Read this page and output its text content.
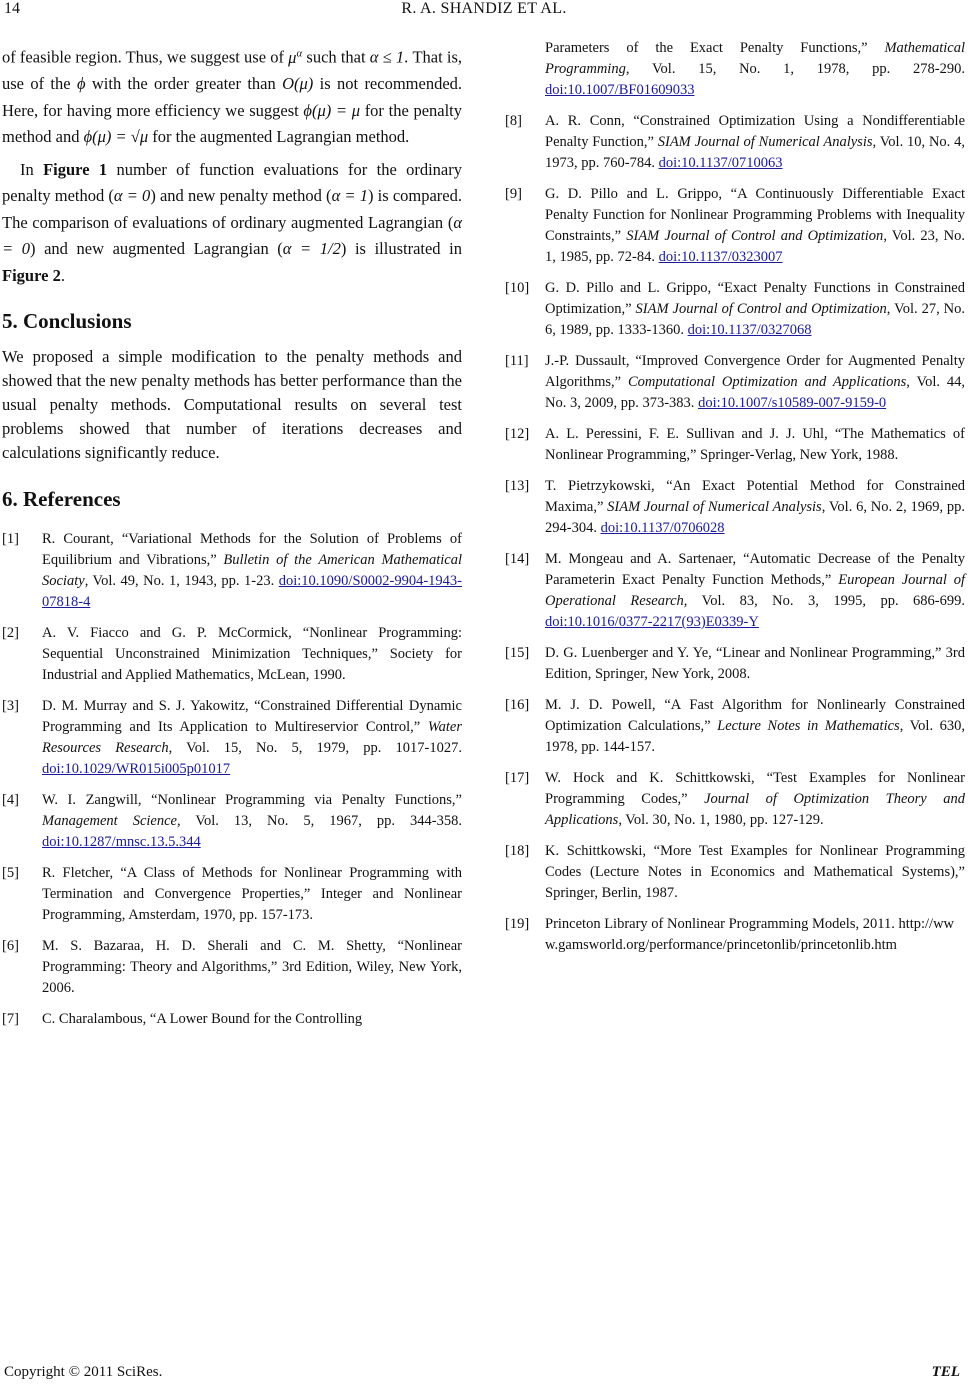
14	R. A. SHANDIZ ET AL.

of feasible region. Thus, we suggest use of $\mu^\alpha$ such that α ≤ 1. That is, use of the ϕ with the order greater than O(μ) is not recommended. Here, for having more efficiency we suggest ϕ(μ) = μ for the penalty method and ϕ(μ) = √μ for the augmented Lagrangian method.

In Figure 1 number of function evaluations for the ordinary penalty method (α = 0) and new penalty method (α = 1) is compared. The comparison of evaluations of ordinary augmented Lagrangian (α = 0) and new augmented Lagrangian (α = 1/2) is illustrated in Figure 2.

5. Conclusions

We proposed a simple modification to the penalty methods and showed that the new penalty methods has better performance than the usual penalty methods. Computational results on several test problems showed that number of iterations decreases and calculations significantly reduce.

6. References
[1] R. Courant, “Variational Methods for the Solution of Problems of Equilibrium and Vibrations,” Bulletin of the American Mathematical Sociaty, Vol. 49, No. 1, 1943, pp. 1-23. doi:10.1090/S0002-9904-1943-07818-4
[2] A. V. Fiacco and G. P. McCormick, “Nonlinear Programming: Sequential Unconstrained Minimization Techniques,” Society for Industrial and Applied Mathematics, McLean, 1990.
[3] D. M. Murray and S. J. Yakowitz, “Constrained Differential Dynamic Programming and Its Application to Multireservior Control,” Water Resources Research, Vol. 15, No. 5, 1979, pp. 1017-1027. doi:10.1029/WR015i005p01017
[4] W. I. Zangwill, “Nonlinear Programming via Penalty Functions,” Management Science, Vol. 13, No. 5, 1967, pp. 344-358. doi:10.1287/mnsc.13.5.344
[5] R. Fletcher, “A Class of Methods for Nonlinear Programming with Termination and Convergence Properties,” Integer and Nonlinear Programming, Amsterdam, 1970, pp. 157-173.
[6] M. S. Bazaraa, H. D. Sherali and C. M. Shetty, “Nonlinear Programming: Theory and Algorithms,” 3rd Edition, Wiley, New York, 2006.
[7] C. Charalambous, “A Lower Bound for the Controlling
Parameters of the Exact Penalty Functions,” Mathematical Programming, Vol. 15, No. 1, 1978, pp. 278-290. doi:10.1007/BF01609033
[8] A. R. Conn, “Constrained Optimization Using a Nondifferentiable Penalty Function,” SIAM Journal of Numerical Analysis, Vol. 10, No. 4, 1973, pp. 760-784. doi:10.1137/0710063
[9] G. D. Pillo and L. Grippo, “A Continuously Differentiable Exact Penalty Function for Nonlinear Programming Problems with Inequality Constraints,” SIAM Journal of Control and Optimization, Vol. 23, No. 1, 1985, pp. 72-84. doi:10.1137/0323007
[10] G. D. Pillo and L. Grippo, “Exact Penalty Functions in Constrained Optimization,” SIAM Journal of Control and Optimization, Vol. 27, No. 6, 1989, pp. 1333-1360. doi:10.1137/0327068
[11] J.-P. Dussault, “Improved Convergence Order for Augmented Penalty Algorithms,” Computational Optimization and Applications, Vol. 44, No. 3, 2009, pp. 373-383. doi:10.1007/s10589-007-9159-0
[12] A. L. Peressini, F. E. Sullivan and J. J. Uhl, “The Mathematics of Nonlinear Programming,” Springer-Verlag, New York, 1988.
[13] T. Pietrzykowski, “An Exact Potential Method for Constrained Maxima,” SIAM Journal of Numerical Analysis, Vol. 6, No. 2, 1969, pp. 294-304. doi:10.1137/0706028
[14] M. Mongeau and A. Sartenaer, “Automatic Decrease of the Penalty Parameterin Exact Penalty Function Methods,” European Journal of Operational Research, Vol. 83, No. 3, 1995, pp. 686-699. doi:10.1016/0377-2217(93)E0339-Y
[15] D. G. Luenberger and Y. Ye, “Linear and Nonlinear Programming,” 3rd Edition, Springer, New York, 2008.
[16] M. J. D. Powell, “A Fast Algorithm for Nonlinearly Constrained Optimization Calculations,” Lecture Notes in Mathematics, Vol. 630, 1978, pp. 144-157.
[17] W. Hock and K. Schittkowski, “Test Examples for Nonlinear Programming Codes,” Journal of Optimization Theory and Applications, Vol. 30, No. 1, 1980, pp. 127-129.
[18] K. Schittkowski, “More Test Examples for Nonlinear Programming Codes (Lecture Notes in Economics and Mathematical Systems),” Springer, Berlin, 1987.
[19] Princeton Library of Nonlinear Programming Models, 2011. http://www.gamsworld.org/performance/princetonlib/princetonlib.htm
Copyright © 2011 SciRes.	TEL
